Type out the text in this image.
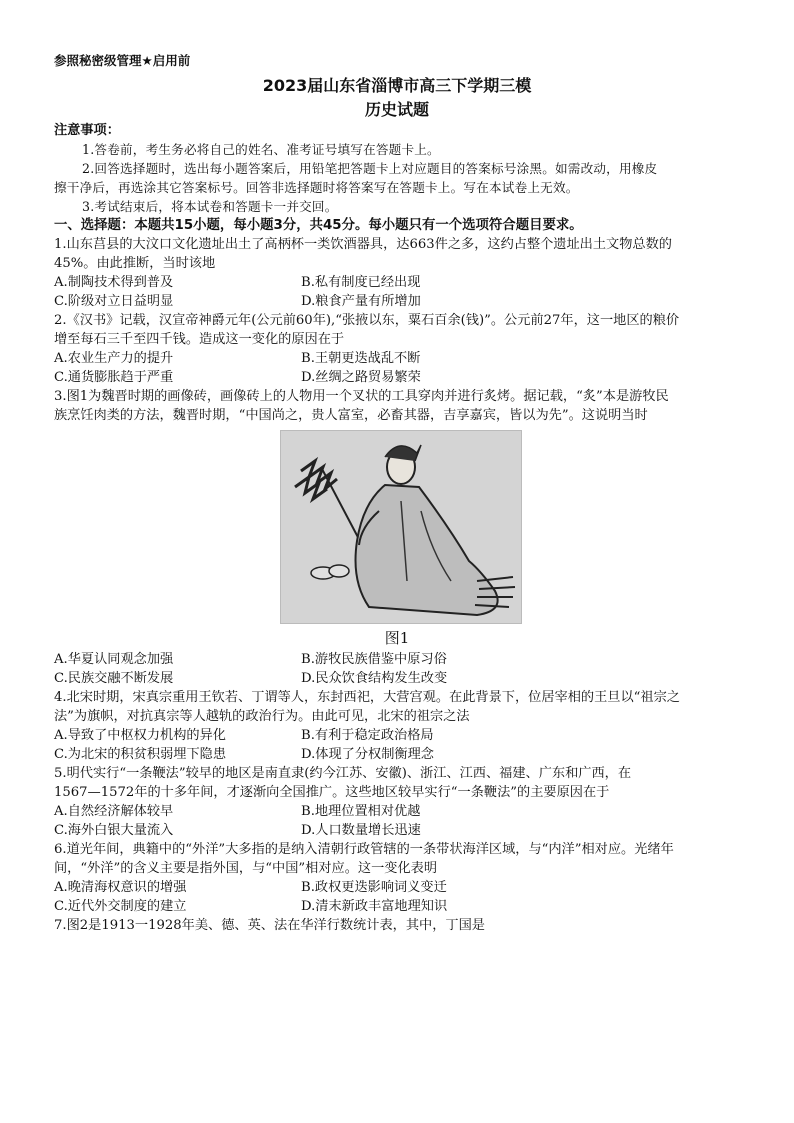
参照秘密级管理★启用前
2023届山东省淄博市高三下学期三模
历史试题
注意事项：
1.答卷前，考生务必将自己的姓名、准考证号填写在答题卡上。
2.回答选择题时，选出每小题答案后，用铅笔把答题卡上对应题目的答案标号涂黑。如需改动，用橡皮
擦干净后，再选涂其它答案标号。回答非选择题时将答案写在答题卡上。写在本试卷上无效。
3.考试结束后，将本试卷和答题卡一并交回。
一、选择题：本题共15小题，每小题3分，共45分。每小题只有一个选项符合题目要求。
1.山东莒县的大汶口文化遗址出土了高柄杯一类饮酒器具，达663件之多，这约占整个遗址出土文物总数的
45%。由此推断，当时该地
A.制陶技术得到普及	B.私有制度已经出现
C.阶级对立日益明显	D.粮食产量有所增加
2.《汉书》记载，汉宣帝神爵元年(公元前60年),“张掖以东，粟石百余(钱)”。公元前27年，这一地区的粮价
增至每石三千至四千钱。造成这一变化的原因在于
A.农业生产力的提升	B.王朝更迭战乱不断
C.通货膨胀趋于严重	D.丝绸之路贸易繁荣
3.图1为魏晋时期的画像砖，画像砖上的人物用一个叉状的工具穿肉并进行炙烤。据记载，“炙”本是游牧民
族烹饪肉类的方法，魏晋时期，“中国尚之，贵人富室，必畜其器，吉享嘉宾，皆以为先”。这说明当时
图1
A.华夏认同观念加强	B.游牧民族借鉴中原习俗
C.民族交融不断发展	D.民众饮食结构发生改变
4.北宋时期，宋真宗重用王钦若、丁谓等人，东封西祀，大营宫观。在此背景下，位居宰相的王旦以“祖宗之
法”为旗帜，对抗真宗等人越轨的政治行为。由此可见，北宋的祖宗之法
A.导致了中枢权力机构的异化	B.有利于稳定政治格局
C.为北宋的积贫积弱埋下隐患	D.体现了分权制衡理念
5.明代实行“一条鞭法”较早的地区是南直隶(约今江苏、安徽)、浙江、江西、福建、广东和广西，在
1567—1572年的十多年间，才逐渐向全国推广。这些地区较早实行“一条鞭法”的主要原因在于
A.自然经济解体较早	B.地理位置相对优越
C.海外白银大量流入	D.人口数量增长迅速
6.道光年间，典籍中的“外洋”大多指的是纳入清朝行政管辖的一条带状海洋区域，与“内洋”相对应。光绪年
间，“外洋”的含义主要是指外国，与“中国”相对应。这一变化表明
A.晚清海权意识的增强	B.政权更迭影响词义变迁
C.近代外交制度的建立	D.清末新政丰富地理知识
7.图2是1913一1928年美、德、英、法在华洋行数统计表，其中，丁国是
